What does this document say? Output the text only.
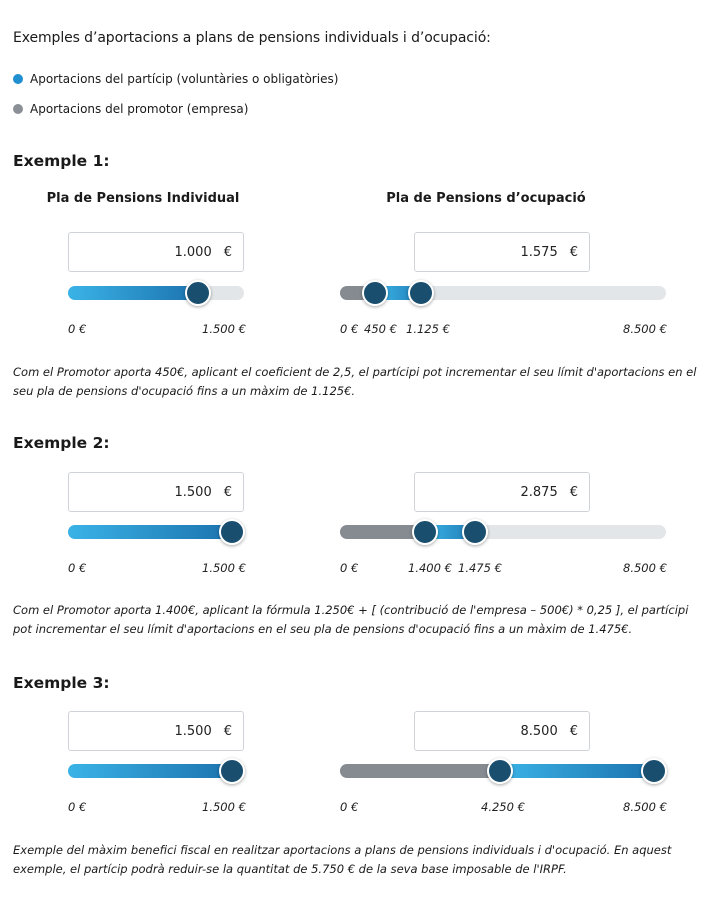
Exemples d’aportacions a plans de pensions individuals i d’ocupació:
Aportacions del partícip (voluntàries o obligatòries)
Aportacions del promotor (empresa)
Exemple 1:
Pla de Pensions Individual	Pla de Pensions d’ocupació
1.000 €	1.575 €
0 €	1.500 €	0 € 450 € 1.125 €	8.500 €
Com el Promotor aporta 450€, aplicant el coeficient de 2,5, el partícipi pot incrementar el seu límit d'aportacions en el seu pla de pensions d'ocupació fins a un màxim de 1.125€.
Exemple 2:
1.500 €	2.875 €
0 €	1.500 €	0 €	1.400 € 1.475 €	8.500 €
Com el Promotor aporta 1.400€, aplicant la fórmula 1.250€ + [ (contribució de l'empresa – 500€) * 0,25 ], el partícipi pot incrementar el seu límit d'aportacions en el seu pla de pensions d'ocupació fins a un màxim de 1.475€.
Exemple 3:
1.500 €	8.500 €
0 €	1.500 €	0 €	4.250 €	8.500 €
Exemple del màxim benefici fiscal en realitzar aportacions a plans de pensions individuals i d'ocupació. En aquest exemple, el partícip podrà reduir-se la quantitat de 5.750 € de la seva base imposable de l'IRPF.
